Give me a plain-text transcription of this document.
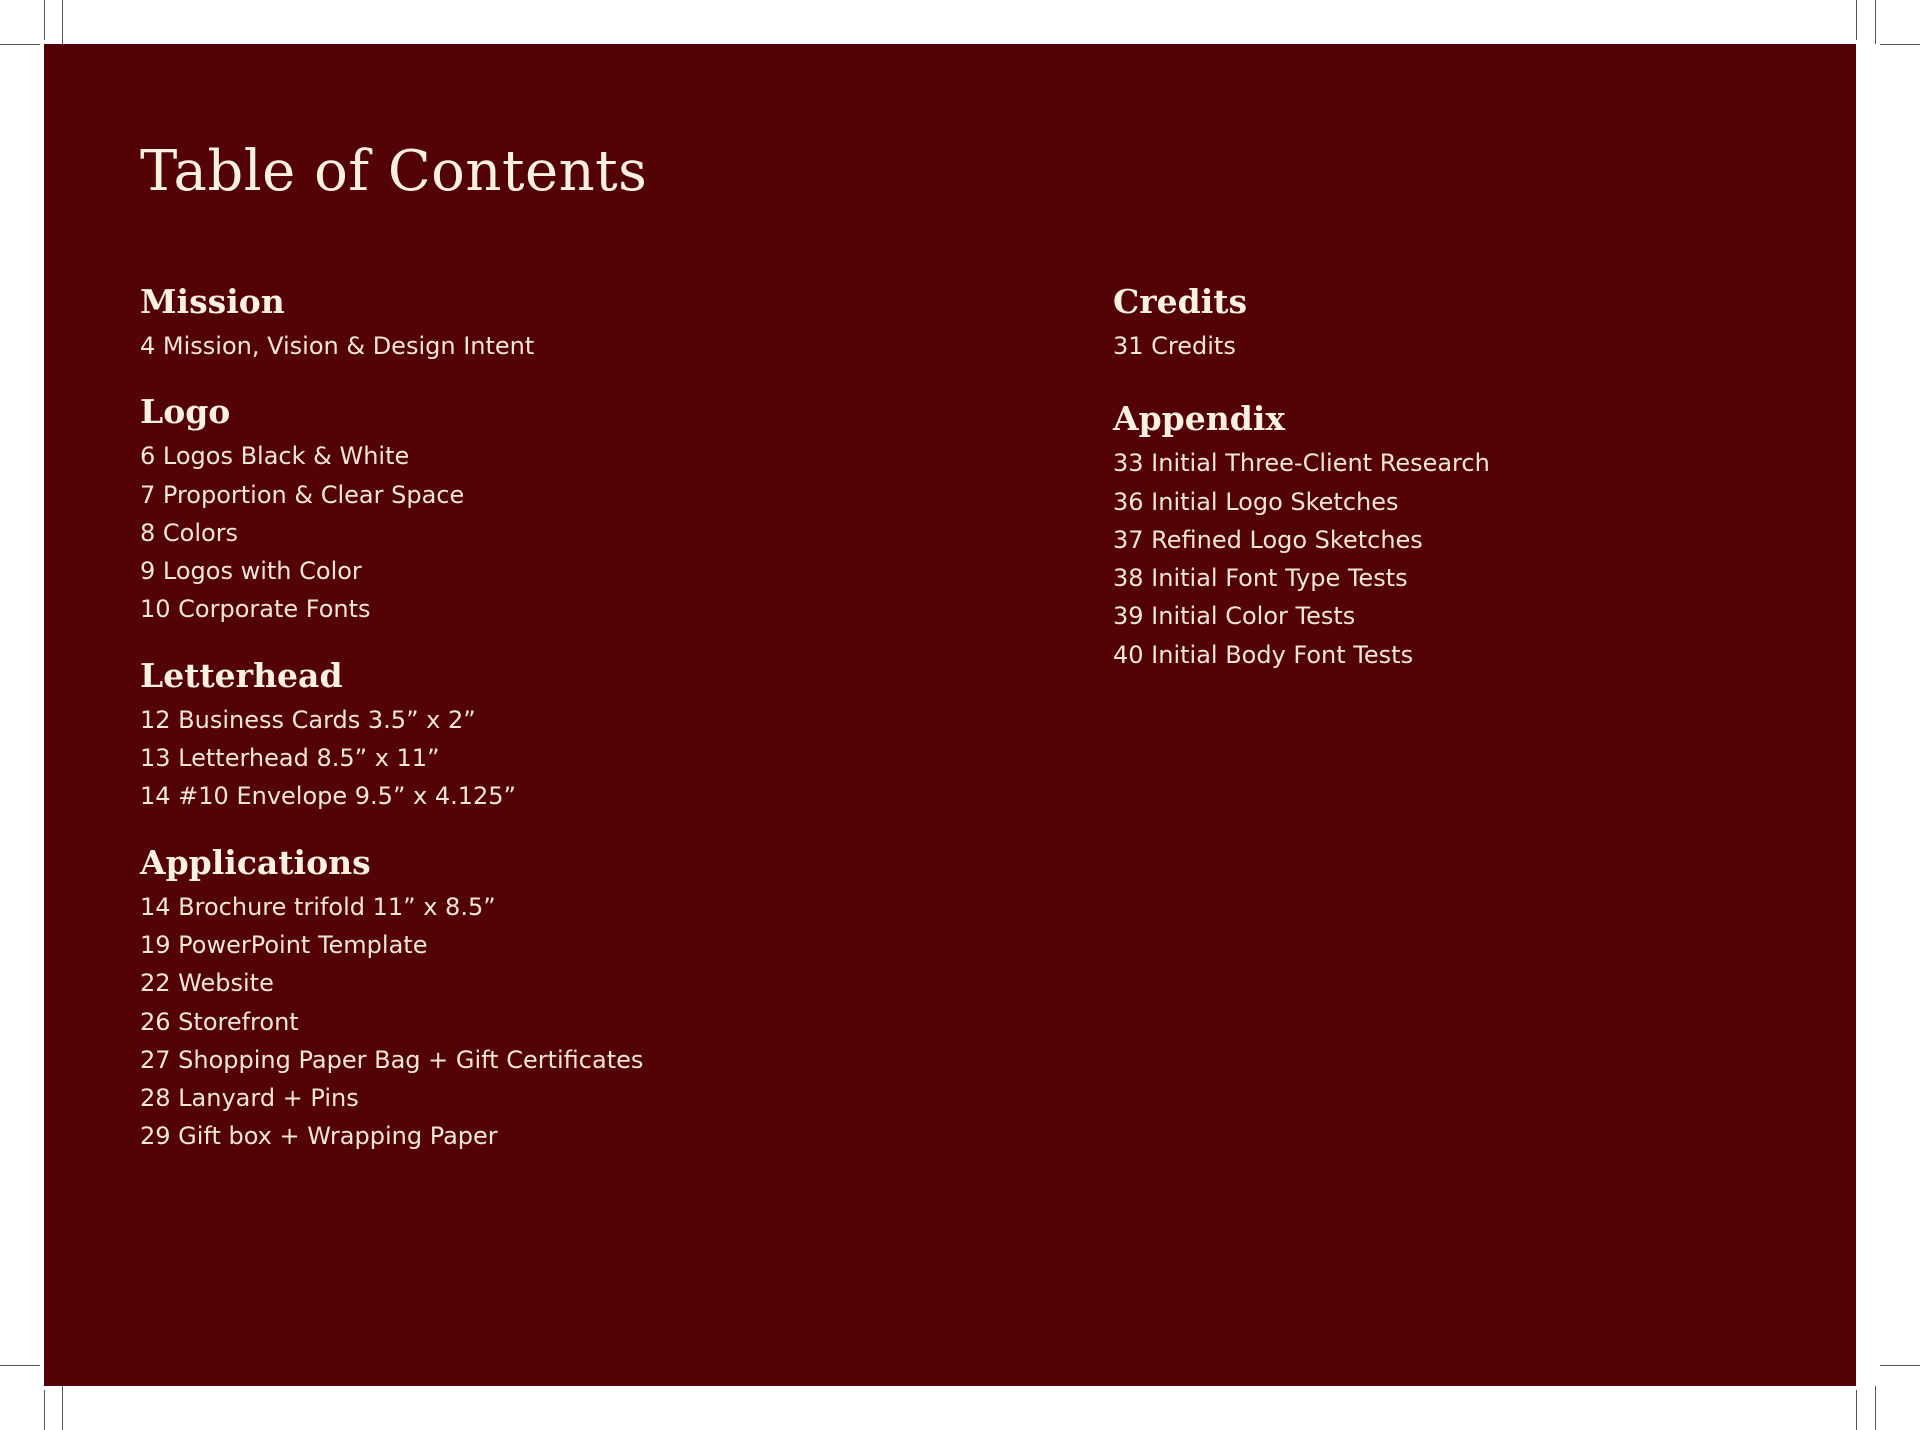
Table of Contents
Mission
4 Mission, Vision & Design Intent
Logo
6 Logos Black & White
7 Proportion & Clear Space
8 Colors
9 Logos with Color
10 Corporate Fonts
Letterhead
12 Business Cards 3.5” x 2”
13 Letterhead 8.5” x 11”
14 #10 Envelope 9.5” x 4.125”
Applications
14 Brochure trifold 11” x 8.5”
19 PowerPoint Template
22 Website
26 Storefront
27 Shopping Paper Bag + Gift Certificates
28 Lanyard + Pins
29 Gift box + Wrapping Paper
Credits
31 Credits
Appendix
33 Initial Three-Client Research
36 Initial Logo Sketches
37 Refined Logo Sketches
38 Initial Font Type Tests
39 Initial Color Tests
40 Initial Body Font Tests
